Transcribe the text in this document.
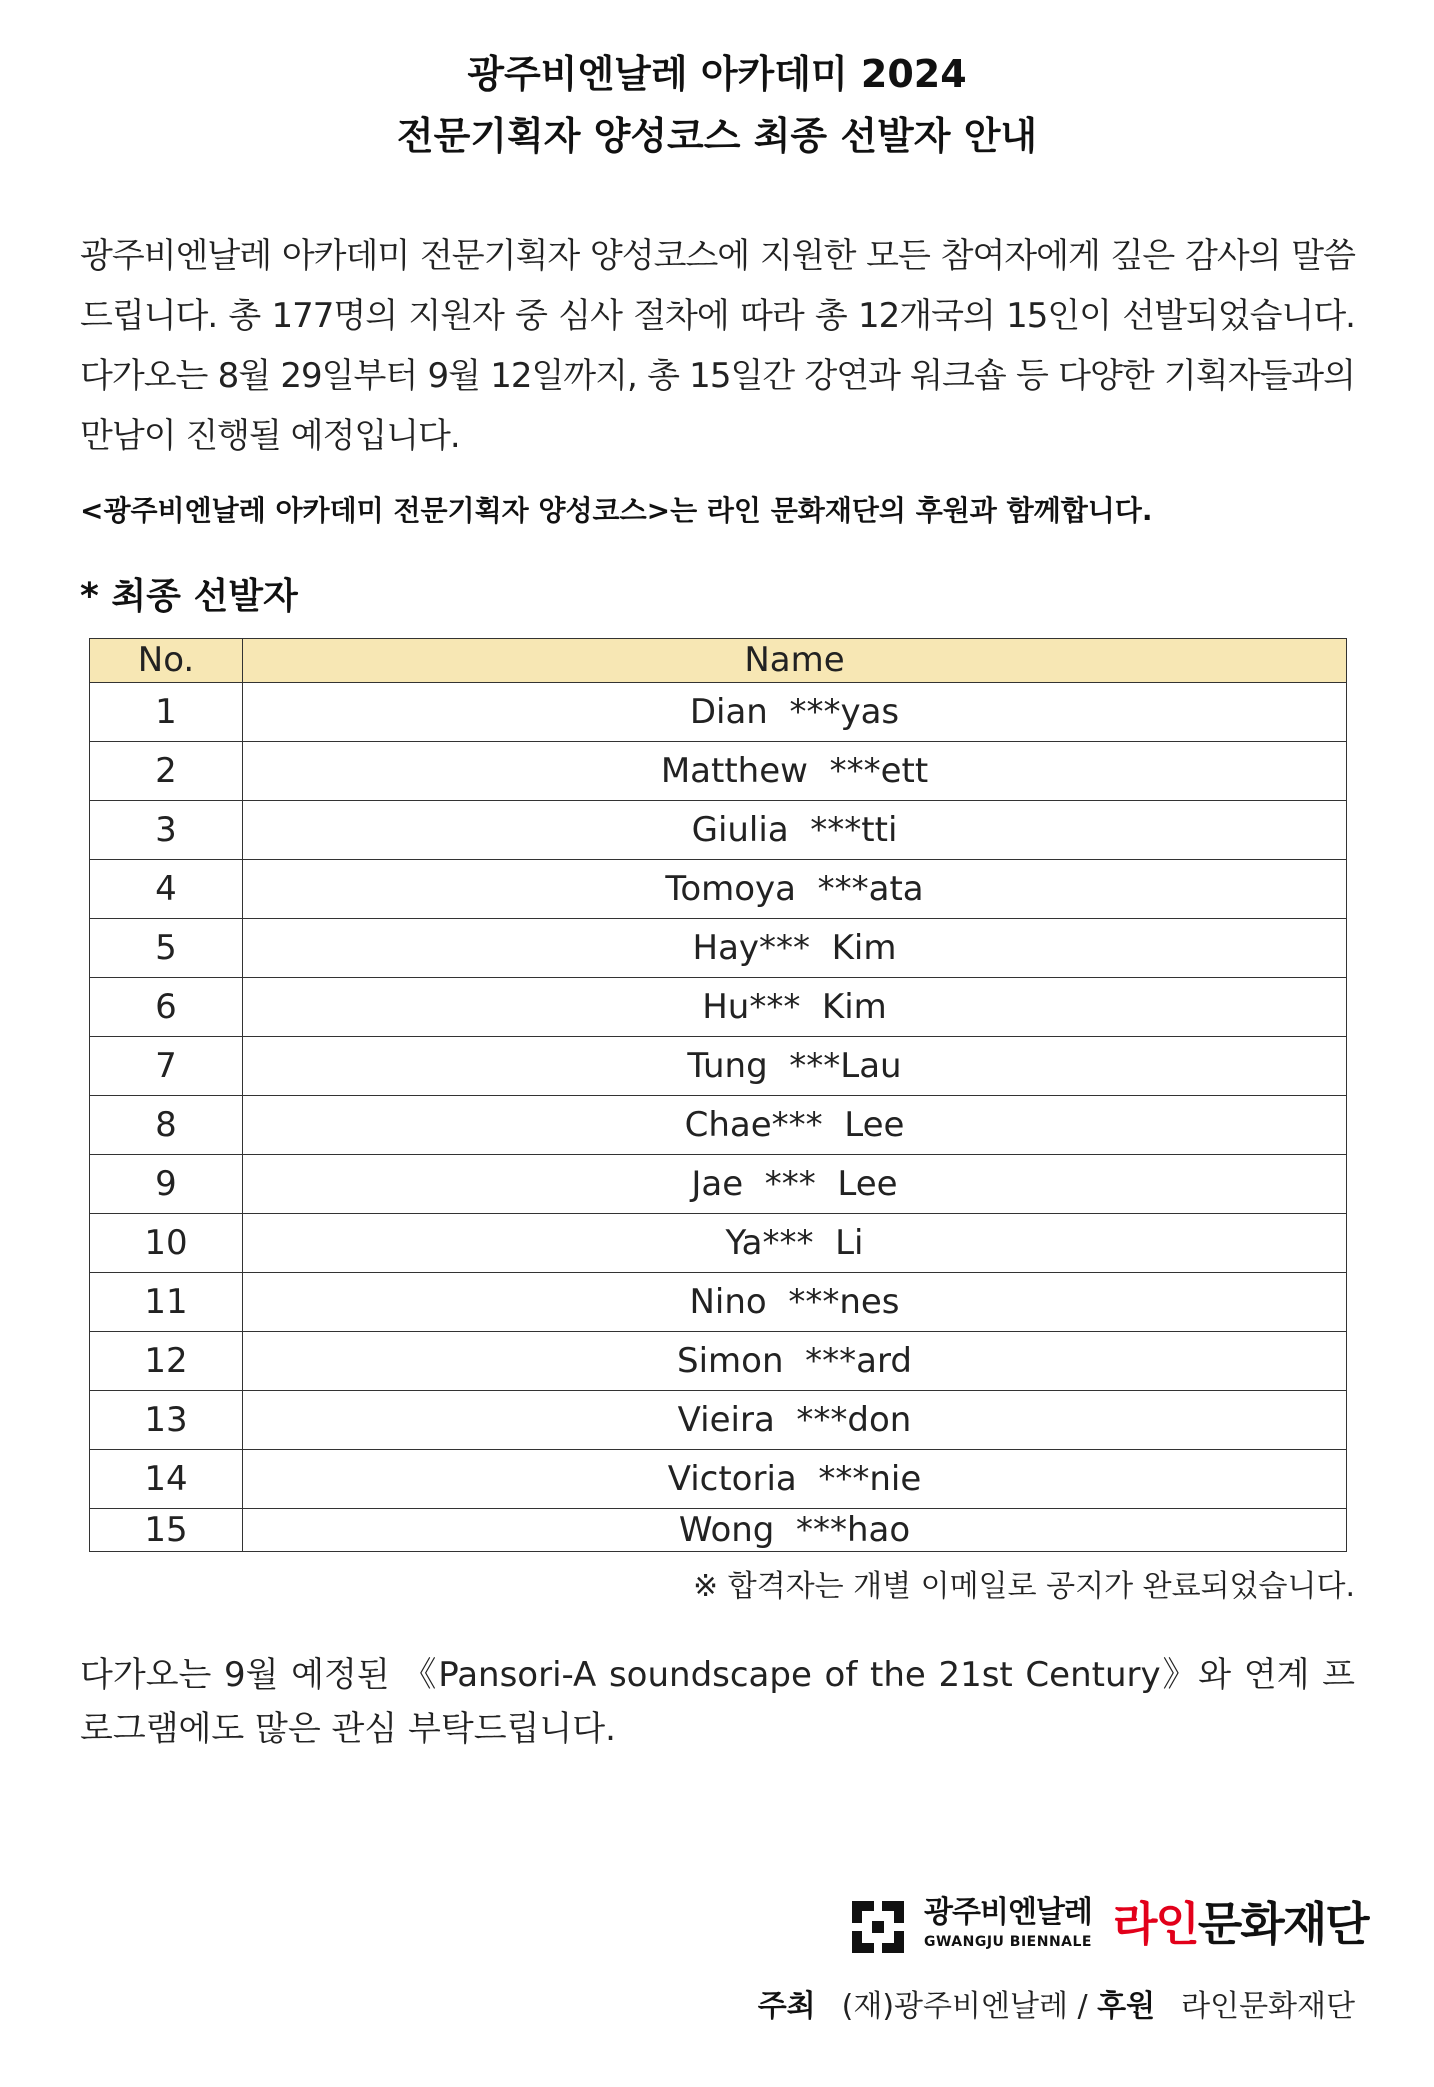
광주비엔날레 아카데미 2024
전문기획자 양성코스 최종 선발자 안내
광주비엔날레 아카데미 전문기획자 양성코스에 지원한 모든 참여자에게 깊은 감사의 말씀 드립니다. 총 177명의 지원자 중 심사 절차에 따라 총 12개국의 15인이 선발되었습니다. 다가오는 8월 29일부터 9월 12일까지, 총 15일간 강연과 워크숍 등 다양한 기획자들과의 만남이 진행될 예정입니다.
<광주비엔날레 아카데미 전문기획자 양성코스>는 라인 문화재단의 후원과 함께합니다.
* 최종 선발자
No.	Name
1	Dian  ***yas
2	Matthew  ***ett
3	Giulia  ***tti
4	Tomoya  ***ata
5	Hay***  Kim
6	Hu***  Kim
7	Tung  ***Lau
8	Chae***  Lee
9	Jae  ***  Lee
10	Ya***  Li
11	Nino  ***nes
12	Simon  ***ard
13	Vieira  ***don
14	Victoria  ***nie
15	Wong  ***hao
※ 합격자는 개별 이메일로 공지가 완료되었습니다.
다가오는 9월 예정된 《Pansori-A soundscape of the 21st Century》와 연계 프로그램에도 많은 관심 부탁드립니다.
광주비엔날레
GWANGJU BIENNALE 라인문화재단
주최 (재)광주비엔날레 / 후원 라인문화재단
